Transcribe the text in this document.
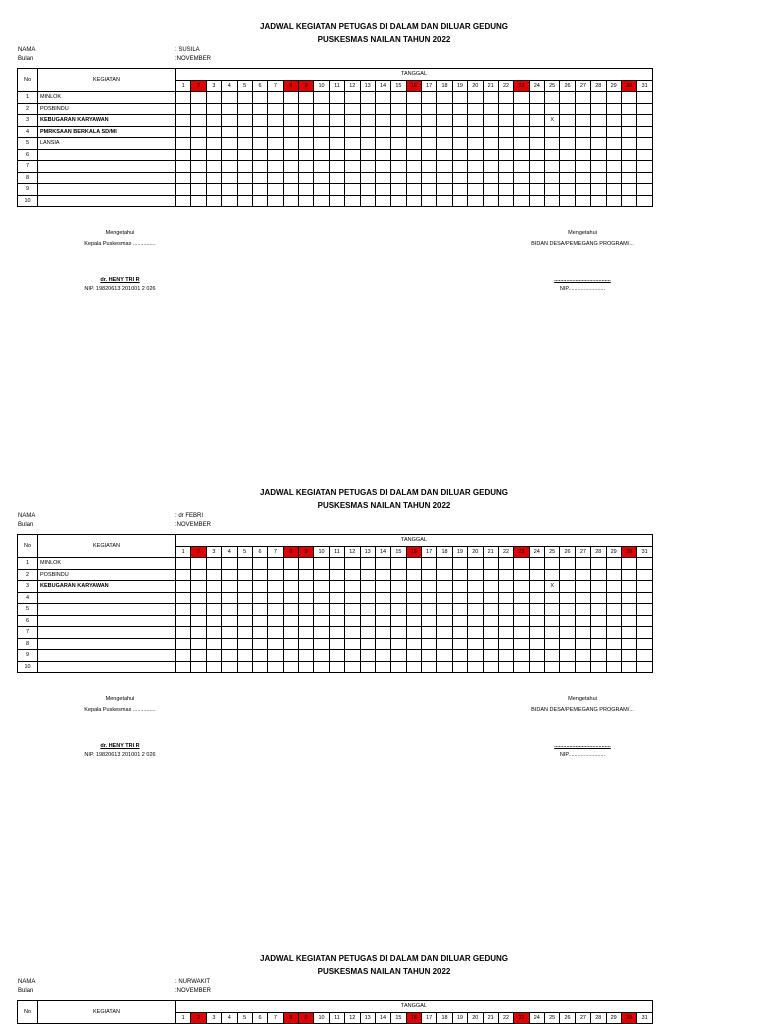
JADWAL KEGIATAN PETUGAS DI DALAM DAN DILUAR GEDUNG
PUSKESMAS NAILAN TAHUN 2022
NAMA
Bulan
: SUSILA
:NOVEMBER
No	KEGIATAN	TANGGAL																														
		1	2	3	4	5	6	7	8	9	10	11	12	13	14	15	16	17	18	19	20	21	22	23	24	25	26	27	28	29	30	31
1	MINLOK																															
2	POSBINDU																															
3	KEBUGARAN KARYAWAN																									X						
4	PMRKSAAN BERKALA SD/MI																															
5	LANSIA																															
6																																
7																																
8																																
9																																
10																																
Mengetahui
Kepala Puskesmas ...............
dr. HENY TRI R
NIP. 19820613 201001 2 026
Mengetahui
BIDAN DESA/PEMEGANG PROGRAM/...
.....................................
NIP........................
JADWAL KEGIATAN PETUGAS DI DALAM DAN DILUAR GEDUNG
PUSKESMAS NAILAN TAHUN 2022
NAMA
Bulan
: dr FEBRI
:NOVEMBER
No	KEGIATAN	TANGGAL																														
		1	2	3	4	5	6	7	8	9	10	11	12	13	14	15	16	17	18	19	20	21	22	23	24	25	26	27	28	29	30	31
1	MINLOK																															
2	POSBINDU																															
3	KEBUGARAN KARYAWAN																									X						
4																																
5																																
6																																
7																																
8																																
9																																
10																																
Mengetahui
Kepala Puskesmas ...............
dr. HENY TRI R
NIP. 19820613 201001 2 026
Mengetahui
BIDAN DESA/PEMEGANG PROGRAM/...
.....................................
NIP........................
JADWAL KEGIATAN PETUGAS DI DALAM DAN DILUAR GEDUNG
PUSKESMAS NAILAN TAHUN 2022
NAMA
Bulan
: NURWAKIT
:NOVEMBER
No	KEGIATAN	TANGGAL																														
		1	2	3	4	5	6	7	8	9	10	11	12	13	14	15	16	17	18	19	20	21	22	23	24	25	26	27	28	29	30	31
